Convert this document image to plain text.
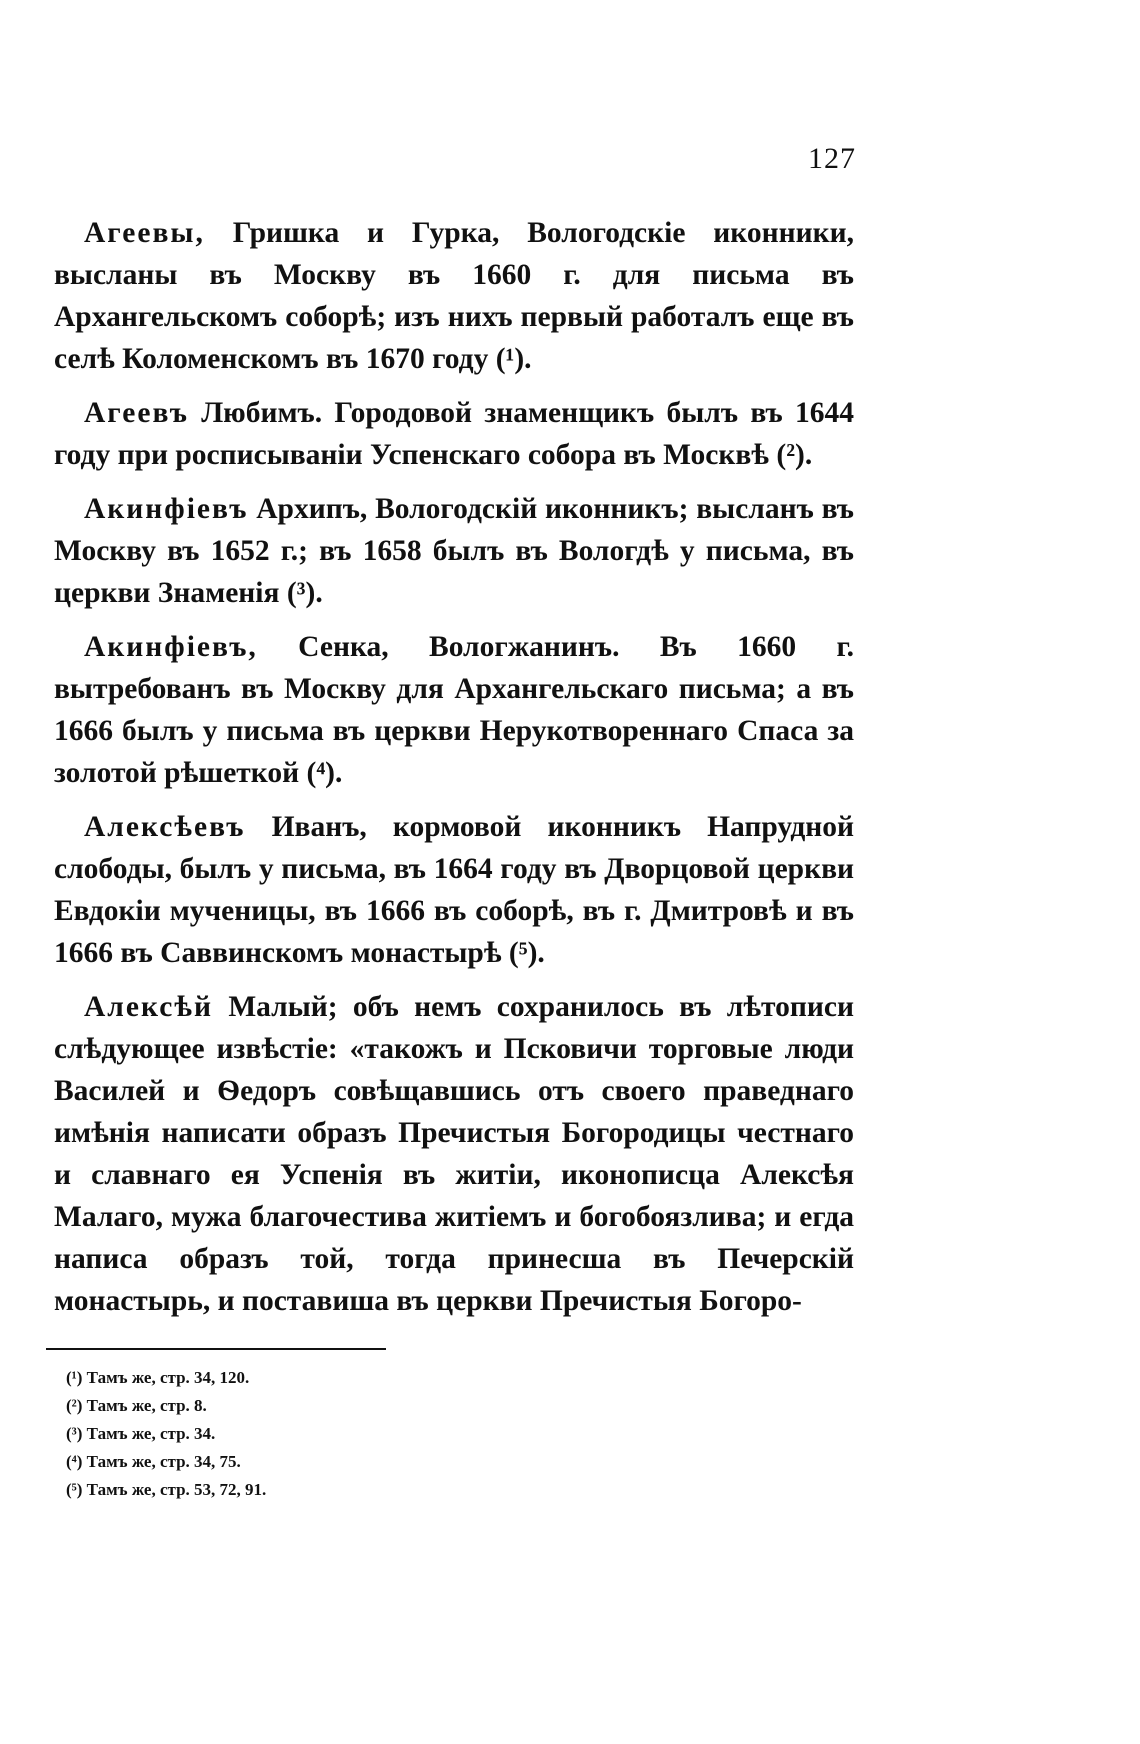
127

Агеевы, Гришка и Гурка, Вологодскіе иконники, высланы въ Москву въ 1660 г. для письма въ Архангельскомъ соборѣ; изъ нихъ первый работалъ еще въ селѣ Коломенскомъ въ 1670 году (¹).

Агеевъ Любимъ. Городовой знаменщикъ былъ въ 1644 году при росписываніи Успенскаго собора въ Москвѣ (²).

Акинфіевъ Архипъ, Вологодскій иконникъ; высланъ въ Москву въ 1652 г.; въ 1658 былъ въ Вологдѣ у письма, въ церкви Знаменія (³).

Акинфіевъ, Сенка, Вологжанинъ. Въ 1660 г. вытребованъ въ Москву для Архангельскаго письма; а въ 1666 былъ у письма въ церкви Нерукотвореннаго Спаса за золотой рѣшеткой (⁴).

Алексѣевъ Иванъ, кормовой иконникъ Напрудной слободы, былъ у письма, въ 1664 году въ Дворцовой церкви Евдокіи мученицы, въ 1666 въ соборѣ, въ г. Дмитровѣ и въ 1666 въ Саввинскомъ монастырѣ (⁵).

Алексѣй Малый; объ немъ сохранилось въ лѣтописи слѣдующее извѣстіе: «такожъ и Псковичи торговые люди Василей и Ѳедоръ совѣщавшись отъ своего праведнаго имѣнія написати образъ Пречистыя Богородицы честнаго и славнаго ея Успенія въ житіи, иконописца Алексѣя Малаго, мужа благочестива житіемъ и богобоязлива; и егда написа образъ той, тогда принесша въ Печерскій монастырь, и поставиша въ церкви Пречистыя Богоро-

(¹) Тамъ же, стр. 34, 120.
(²) Тамъ же, стр. 8.
(³) Тамъ же, стр. 34.
(⁴) Тамъ же, стр. 34, 75.
(⁵) Тамъ же, стр. 53, 72, 91.
